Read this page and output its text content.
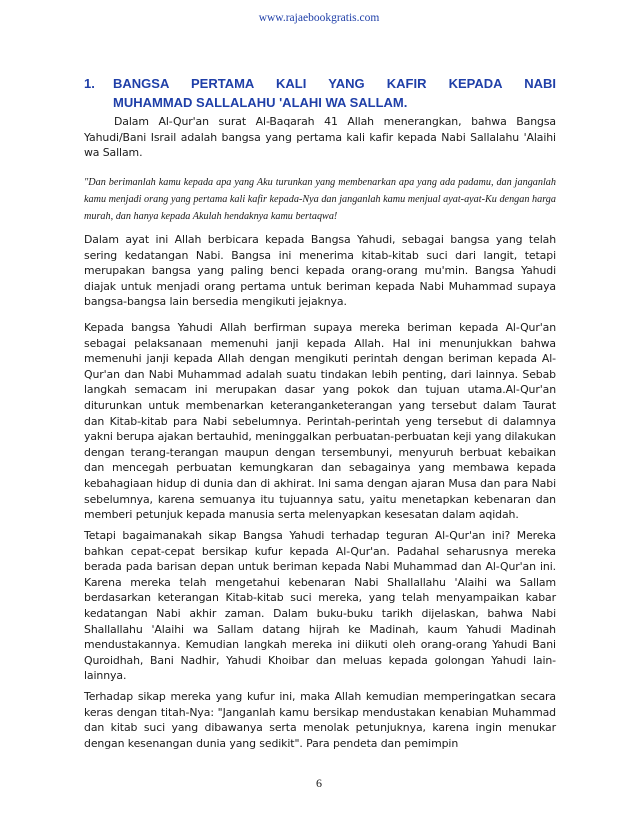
www.rajaebookgratis.com
1. BANGSA PERTAMA KALI YANG KAFIR KEPADA NABI
MUHAMMAD SALLALAHU 'ALAHI WA SALLAM.
Dalam Al-Qur'an surat Al-Baqarah 41 Allah menerangkan, bahwa Bangsa Yahudi/Bani Israil adalah bangsa yang pertama kali kafir kepada Nabi Sallalahu 'Alaihi wa Sallam.
"Dan berimanlah kamu kepada apa yang Aku turunkan yang membenarkan apa yang ada padamu, dan janganlah kamu menjadi orang yang pertama kali kafir kepada-Nya dan janganlah kamu menjual ayat-ayat-Ku dengan harga murah, dan hanya kepada Akulah hendaknya kamu bertaqwa!
Dalam ayat ini Allah berbicara kepada Bangsa Yahudi, sebagai bangsa yang telah sering kedatangan Nabi. Bangsa ini menerima kitab-kitab suci dari langit, tetapi merupakan bangsa yang paling benci kepada orang-orang mu'min. Bangsa Yahudi diajak untuk menjadi orang pertama untuk beriman kepada Nabi Muhammad supaya bangsa-bangsa lain bersedia mengikuti jejaknya.
Kepada bangsa Yahudi Allah berfirman supaya mereka beriman kepada Al-Qur'an sebagai pelaksanaan memenuhi janji kepada Allah. Hal ini menunjukkan bahwa memenuhi janji kepada Allah dengan mengikuti perintah dengan beriman kepada Al-Qur'an dan Nabi Muhammad adalah suatu tindakan lebih penting, dari lainnya. Sebab langkah semacam ini merupakan dasar yang pokok dan tujuan utama.Al-Qur'an diturunkan untuk membenarkan keteranganketerangan yang tersebut dalam Taurat dan Kitab-kitab para Nabi sebelumnya. Perintah-perintah yeng tersebut di dalamnya yakni berupa ajakan bertauhid, meninggalkan perbuatan-perbuatan keji yang dilakukan dengan terang-terangan maupun dengan tersembunyi, menyuruh berbuat kebaikan dan mencegah perbuatan kemungkaran dan sebagainya yang membawa kepada kebahagiaan hidup di dunia dan di akhirat. Ini sama dengan ajaran Musa dan para Nabi sebelumnya, karena semuanya itu tujuannya satu, yaitu menetapkan kebenaran dan memberi petunjuk kepada manusia serta melenyapkan kesesatan dalam aqidah.
Tetapi bagaimanakah sikap Bangsa Yahudi terhadap teguran Al-Qur'an ini? Mereka bahkan cepat-cepat bersikap kufur kepada Al-Qur'an. Padahal seharusnya mereka berada pada barisan depan untuk beriman kepada Nabi Muhammad dan Al-Qur'an ini. Karena mereka telah mengetahui kebenaran Nabi Shallallahu 'Alaihi wa Sallam berdasarkan keterangan Kitab-kitab suci mereka, yang telah menyampaikan kabar kedatangan Nabi akhir zaman. Dalam buku-buku tarikh dijelaskan, bahwa Nabi Shallallahu 'Alaihi wa Sallam datang hijrah ke Madinah, kaum Yahudi Madinah mendustakannya. Kemudian langkah mereka ini diikuti oleh orang-orang Yahudi Bani Quroidhah, Bani Nadhir, Yahudi Khoibar dan meluas kepada golongan Yahudi lain-lainnya.
Terhadap sikap mereka yang kufur ini, maka Allah kemudian memperingatkan secara keras dengan titah-Nya: "Janganlah kamu bersikap mendustakan kenabian Muhammad dan kitab suci yang dibawanya serta menolak petunjuknya, karena ingin menukar dengan kesenangan dunia yang sedikit". Para pendeta dan pemimpin
6
